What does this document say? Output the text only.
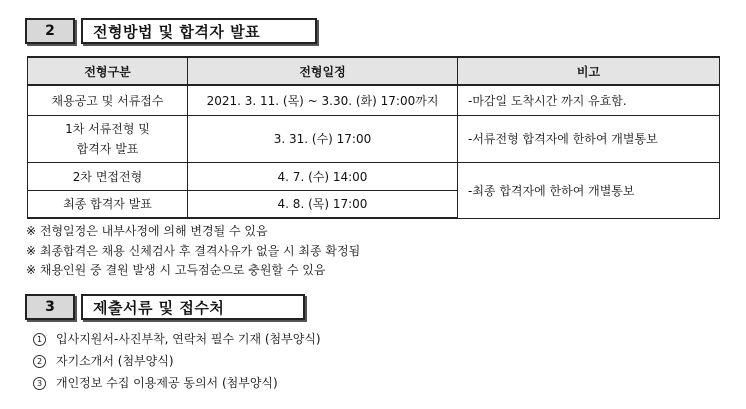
2	전형방법 및 합격자 발표
전형구분	전형일정	비고
채용공고 및 서류접수	2021. 3. 11. (목) ~ 3.30. (화) 17:00까지	-마감일 도착시간 까지 유효함.

1차 서류전형 및
합격자 발표	3. 31. (수) 17:00	-서류전형 합격자에 한하여 개별통보
2차 면접전형	4. 7. (수) 14:00	-최종 합격자에 한하여 개별통보
최종 합격자 발표	4. 8. (목) 17:00	
※ 전형일정은 내부사정에 의해 변경될 수 있음
※ 최종합격은 채용 신체검사 후 결격사유가 없을 시 최종 확정됨
※ 채용인원 중 결원 발생 시 고득점순으로 충원할 수 있음
3	제출서류 및 접수처
1 입사지원서-사진부착, 연락처 필수 기재 (첨부양식)
2 자기소개서 (첨부양식)
3 개인정보 수집 이용제공 동의서 (첨부양식)
